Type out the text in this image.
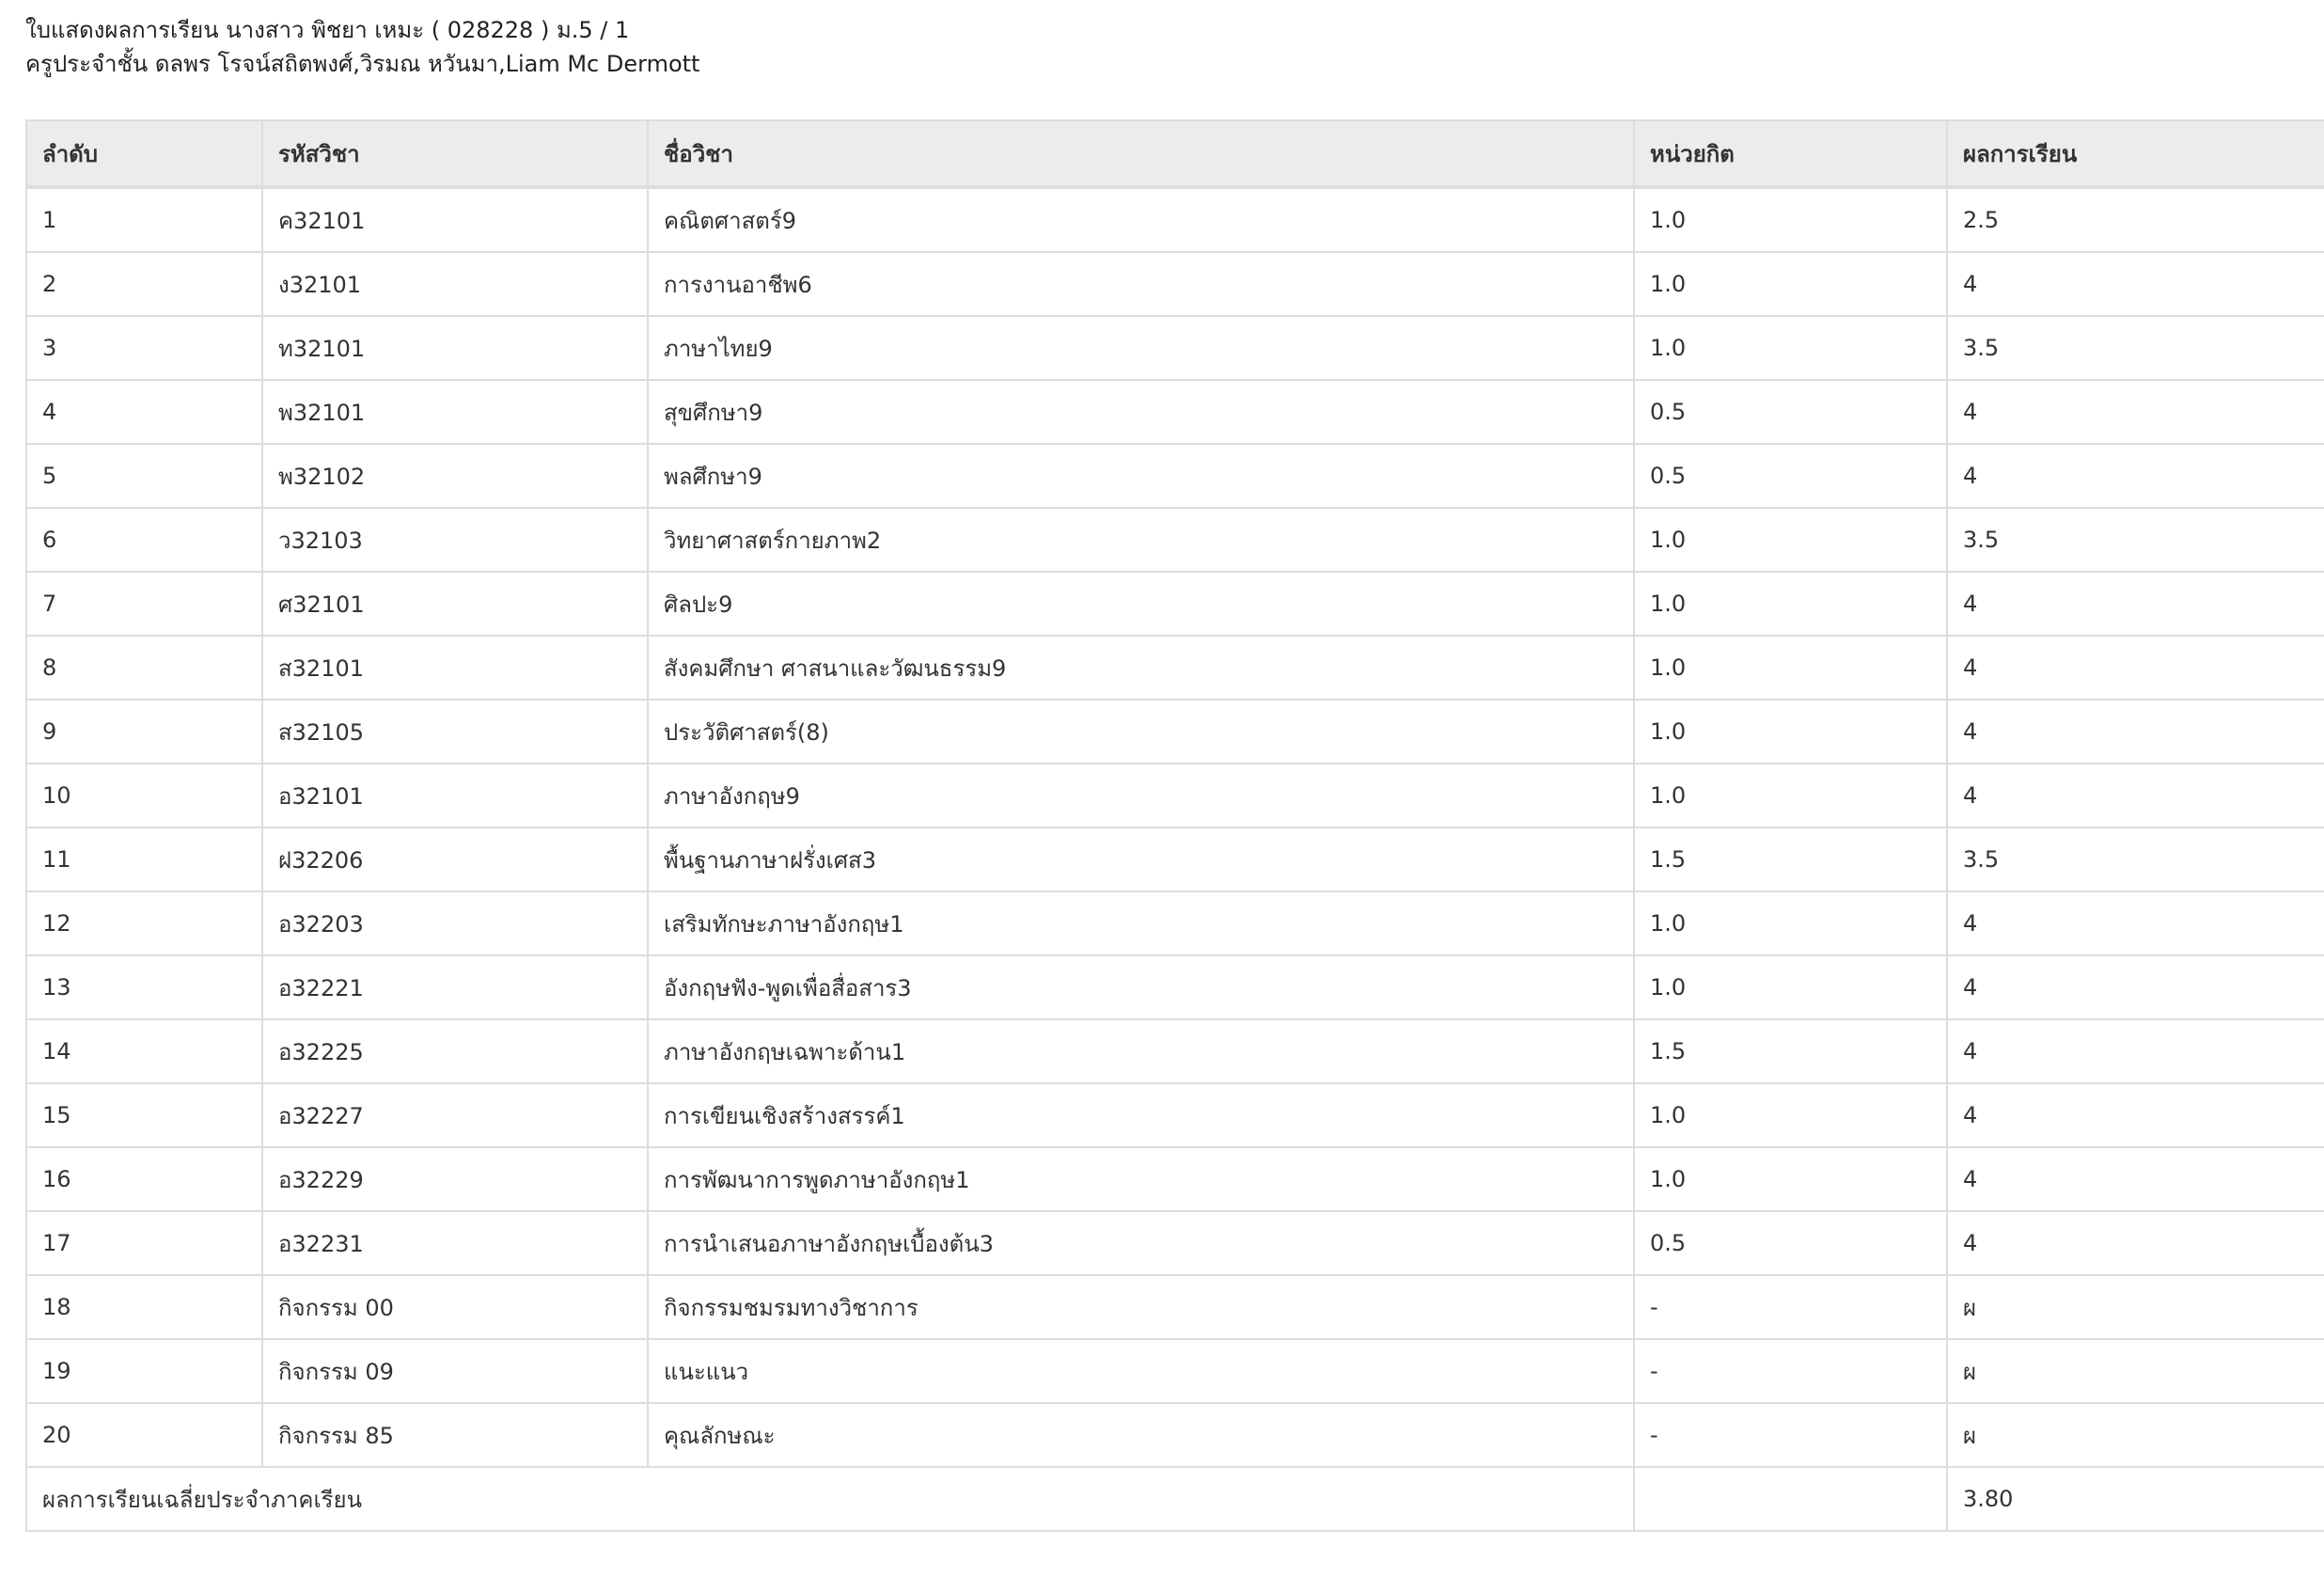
ใบแสดงผลการเรียน นางสาว พิชยา เหมะ ( 028228 ) ม.5 / 1
ครูประจำชั้น ดลพร โรจน์สถิตพงศ์,วิรมณ หวันมา,Liam Mc Dermott
ลำดับ	รหัสวิชา	ชื่อวิชา	หน่วยกิต	ผลการเรียน
1	ค32101	คณิตศาสตร์9	1.0	2.5
2	ง32101	การงานอาชีพ6	1.0	4
3	ท32101	ภาษาไทย9	1.0	3.5
4	พ32101	สุขศึกษา9	0.5	4
5	พ32102	พลศึกษา9	0.5	4
6	ว32103	วิทยาศาสตร์กายภาพ2	1.0	3.5
7	ศ32101	ศิลปะ9	1.0	4
8	ส32101	สังคมศึกษา ศาสนาและวัฒนธรรม9	1.0	4
9	ส32105	ประวัติศาสตร์(8)	1.0	4
10	อ32101	ภาษาอังกฤษ9	1.0	4
11	ฝ32206	พื้นฐานภาษาฝรั่งเศส3	1.5	3.5
12	อ32203	เสริมทักษะภาษาอังกฤษ1	1.0	4
13	อ32221	อังกฤษฟัง-พูดเพื่อสื่อสาร3	1.0	4
14	อ32225	ภาษาอังกฤษเฉพาะด้าน1	1.5	4
15	อ32227	การเขียนเชิงสร้างสรรค์1	1.0	4
16	อ32229	การพัฒนาการพูดภาษาอังกฤษ1	1.0	4
17	อ32231	การนำเสนอภาษาอังกฤษเบื้องต้น3	0.5	4
18	กิจกรรม 00	กิจกรรมชมรมทางวิชาการ	-	ผ
19	กิจกรรม 09	แนะแนว	-	ผ
20	กิจกรรม 85	คุณลักษณะ	-	ผ
ผลการเรียนเฉลี่ยประจำภาคเรียน				3.80
